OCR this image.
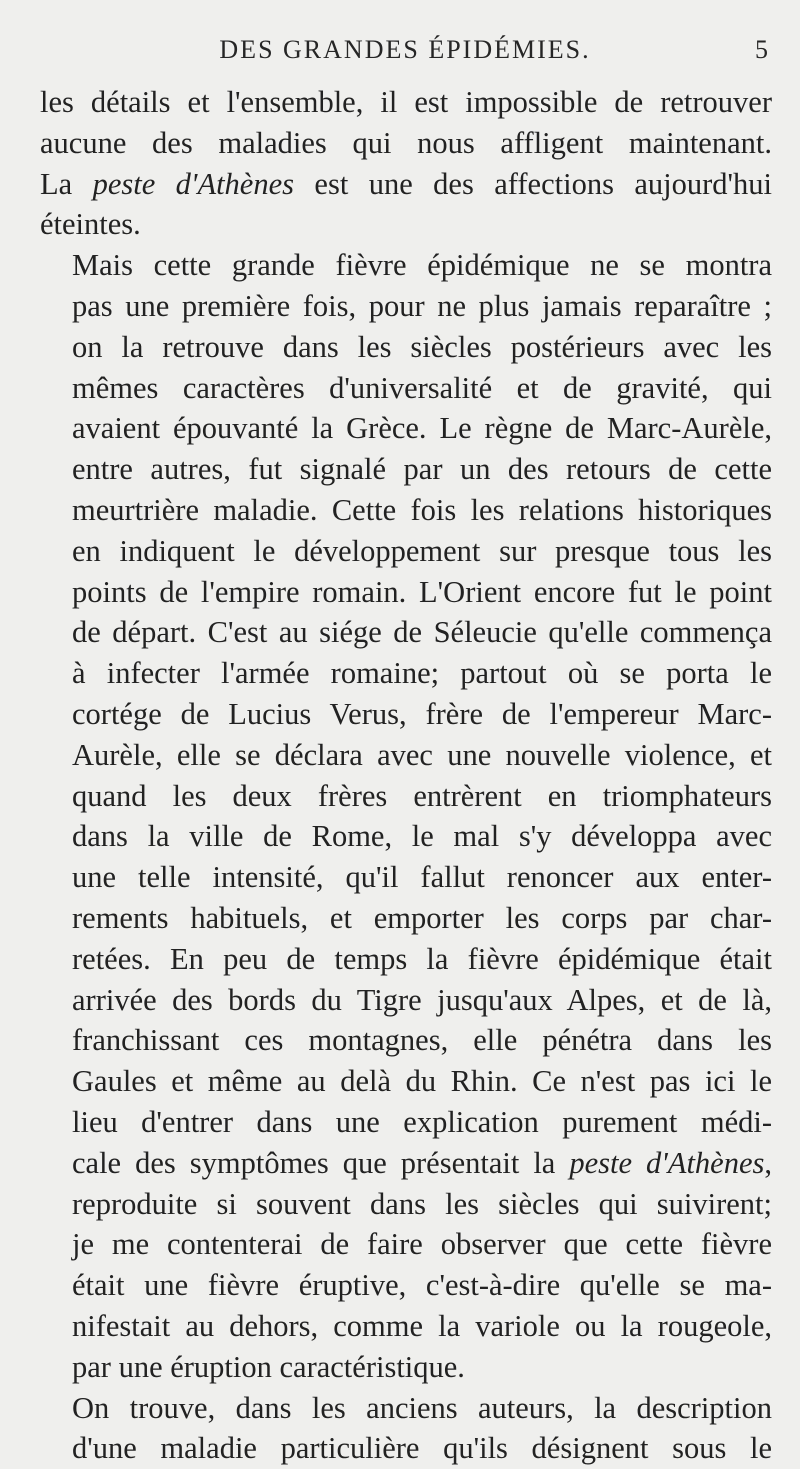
DES GRANDES ÉPIDÉMIES.	5

les détails et l'ensemble, il est impossible de retrouver
aucune des maladies qui nous affligent maintenant.
La peste d'Athènes est une des affections aujourd'hui
éteintes.

Mais cette grande fièvre épidémique ne se montra
pas une première fois, pour ne plus jamais reparaître ;
on la retrouve dans les siècles postérieurs avec les
mêmes caractères d'universalité et de gravité, qui
avaient épouvanté la Grèce. Le règne de Marc-Aurèle,
entre autres, fut signalé par un des retours de cette
meurtrière maladie. Cette fois les relations historiques
en indiquent le développement sur presque tous les
points de l'empire romain. L'Orient encore fut le point
de départ. C'est au siége de Séleucie qu'elle commença
à infecter l'armée romaine; partout où se porta le
cortége de Lucius Verus, frère de l'empereur Marc-
Aurèle, elle se déclara avec une nouvelle violence, et
quand les deux frères entrèrent en triomphateurs
dans la ville de Rome, le mal s'y développa avec
une telle intensité, qu'il fallut renoncer aux enter-
rements habituels, et emporter les corps par char-
retées. En peu de temps la fièvre épidémique était
arrivée des bords du Tigre jusqu'aux Alpes, et de là,
franchissant ces montagnes, elle pénétra dans les
Gaules et même au delà du Rhin. Ce n'est pas ici le
lieu d'entrer dans une explication purement médi-
cale des symptômes que présentait la peste d'Athènes,
reproduite si souvent dans les siècles qui suivirent;
je me contenterai de faire observer que cette fièvre
était une fièvre éruptive, c'est-à-dire qu'elle se ma-
nifestait au dehors, comme la variole ou la rougeole,
par une éruption caractéristique.

On trouve, dans les anciens auteurs, la description
d'une maladie particulière qu'ils désignent sous le
